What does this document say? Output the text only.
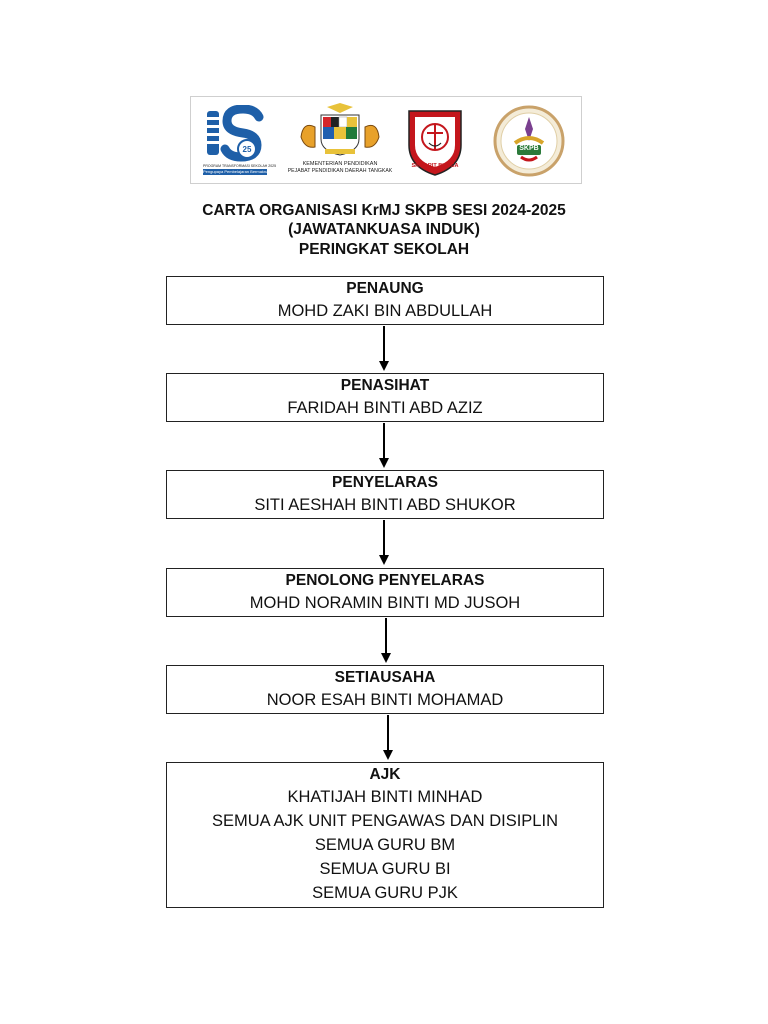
25
PROGRAM TRANSFORMASI SEKOLAH 2025
Pengupaya Pembelajaran Bermakna
KEMENTERIAN PENDIDIKAN
PEJABAT PENDIDIKAN DAERAH TANGKAK
SK PARIT BUNGA
SKPB
CARTA ORGANISASI KrMJ SKPB SESI 2024-2025
(JAWATANKUASA INDUK)
PERINGKAT SEKOLAH
PENAUNG
MOHD ZAKI BIN ABDULLAH
PENASIHAT
FARIDAH BINTI ABD AZIZ
PENYELARAS
SITI AESHAH BINTI ABD SHUKOR
PENOLONG PENYELARAS
MOHD NORAMIN BINTI MD JUSOH
SETIAUSAHA
NOOR ESAH BINTI MOHAMAD
AJK
KHATIJAH BINTI MINHAD
SEMUA AJK UNIT PENGAWAS DAN DISIPLIN
SEMUA GURU BM
SEMUA GURU BI
SEMUA GURU PJK
